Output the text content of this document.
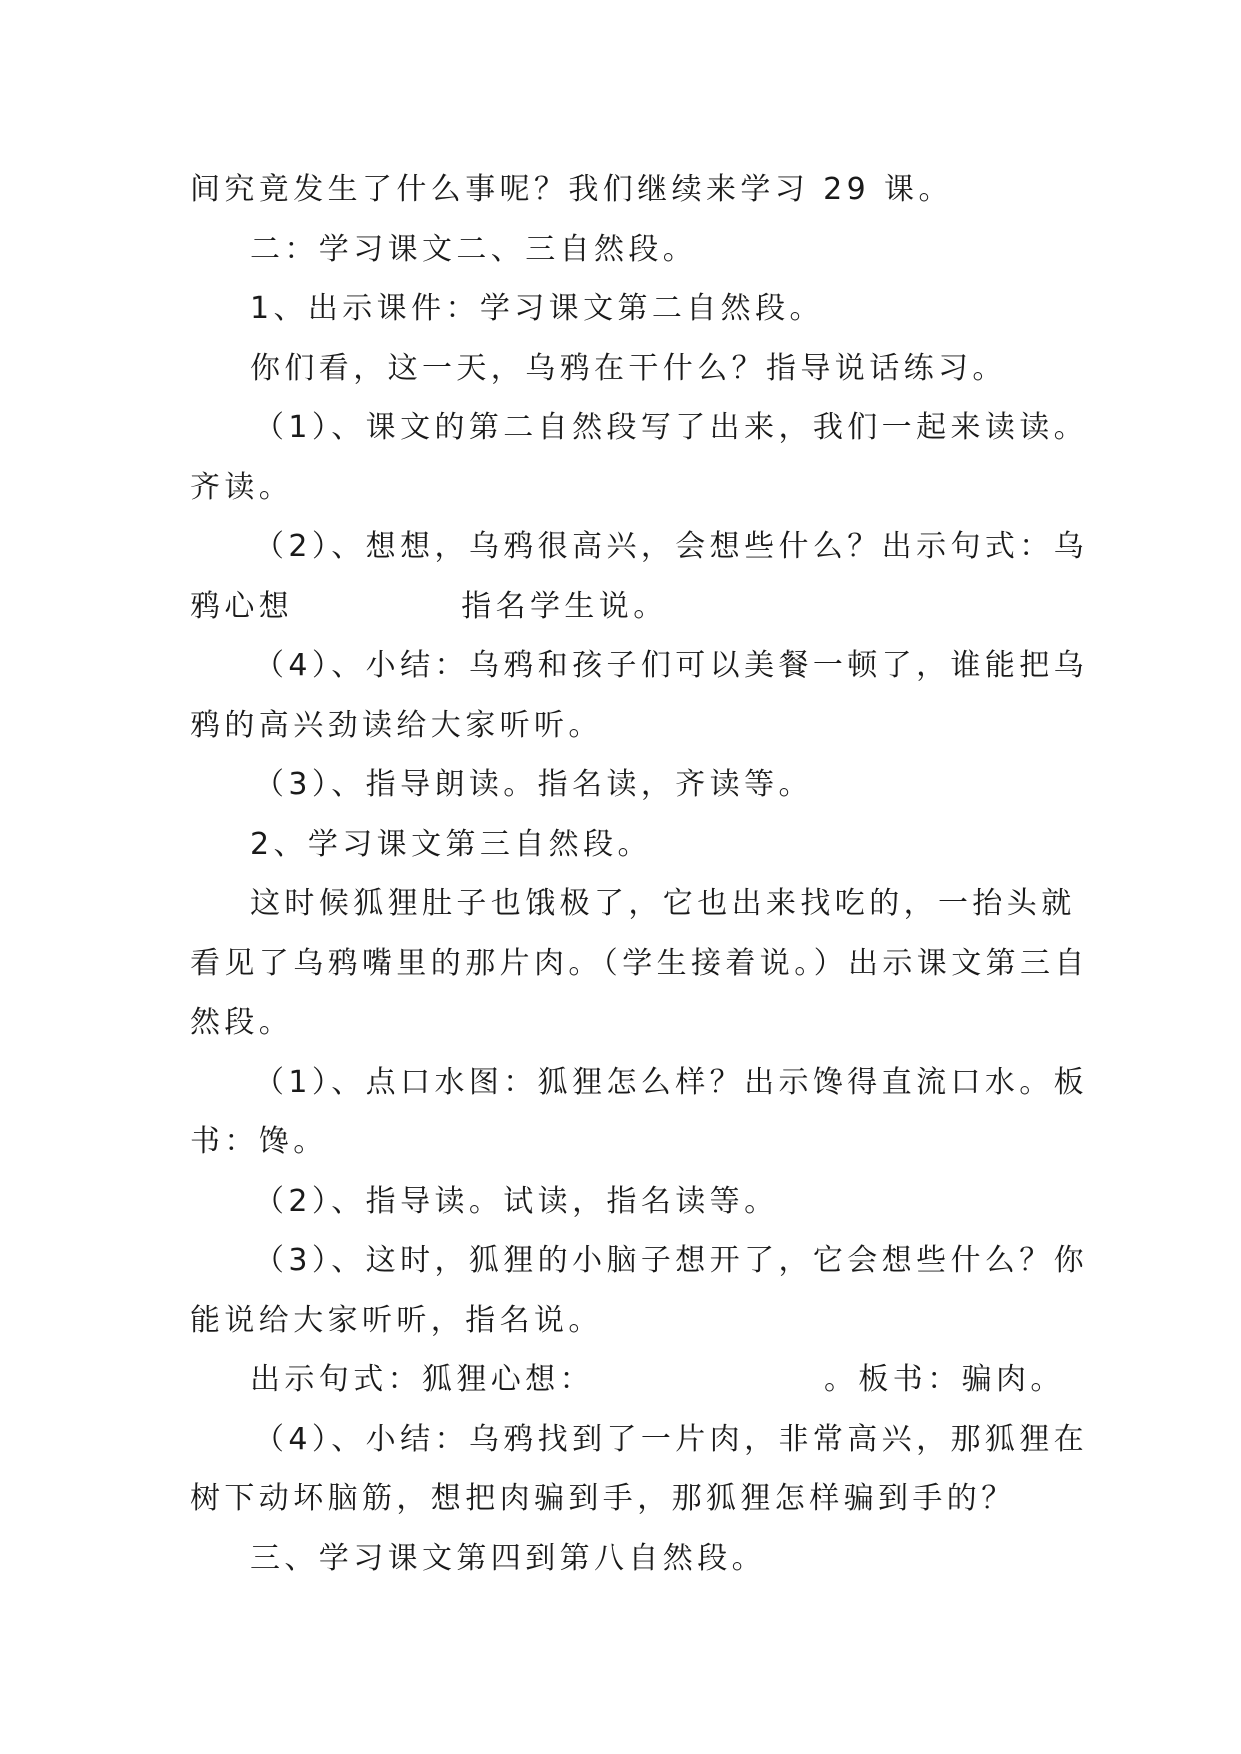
间究竟发生了什么事呢？我们继续来学习 29 课。
二：学习课文二、三自然段。
1、出示课件：学习课文第二自然段。
你们看，这一天，乌鸦在干什么？指导说话练习。
（1）、课文的第二自然段写了出来，我们一起来读读。
齐读。
（2）、想想，乌鸦很高兴，会想些什么？出示句式：乌
鸦心想	指名学生说。
（4）、小结：乌鸦和孩子们可以美餐一顿了，谁能把乌
鸦的高兴劲读给大家听听。
（3）、指导朗读。指名读，齐读等。
2、学习课文第三自然段。
这时候狐狸肚子也饿极了，它也出来找吃的，一抬头就
看见了乌鸦嘴里的那片肉。（学生接着说。）出示课文第三自
然段。
（1）、点口水图：狐狸怎么样？出示馋得直流口水。板
书：馋。
（2）、指导读。试读，指名读等。
（3）、这时，狐狸的小脑子想开了，它会想些什么？你
能说给大家听听，指名说。
出示句式：狐狸心想：	。板书：骗肉。
（4）、小结：乌鸦找到了一片肉，非常高兴，那狐狸在
树下动坏脑筋，想把肉骗到手，那狐狸怎样骗到手的？
三、学习课文第四到第八自然段。
